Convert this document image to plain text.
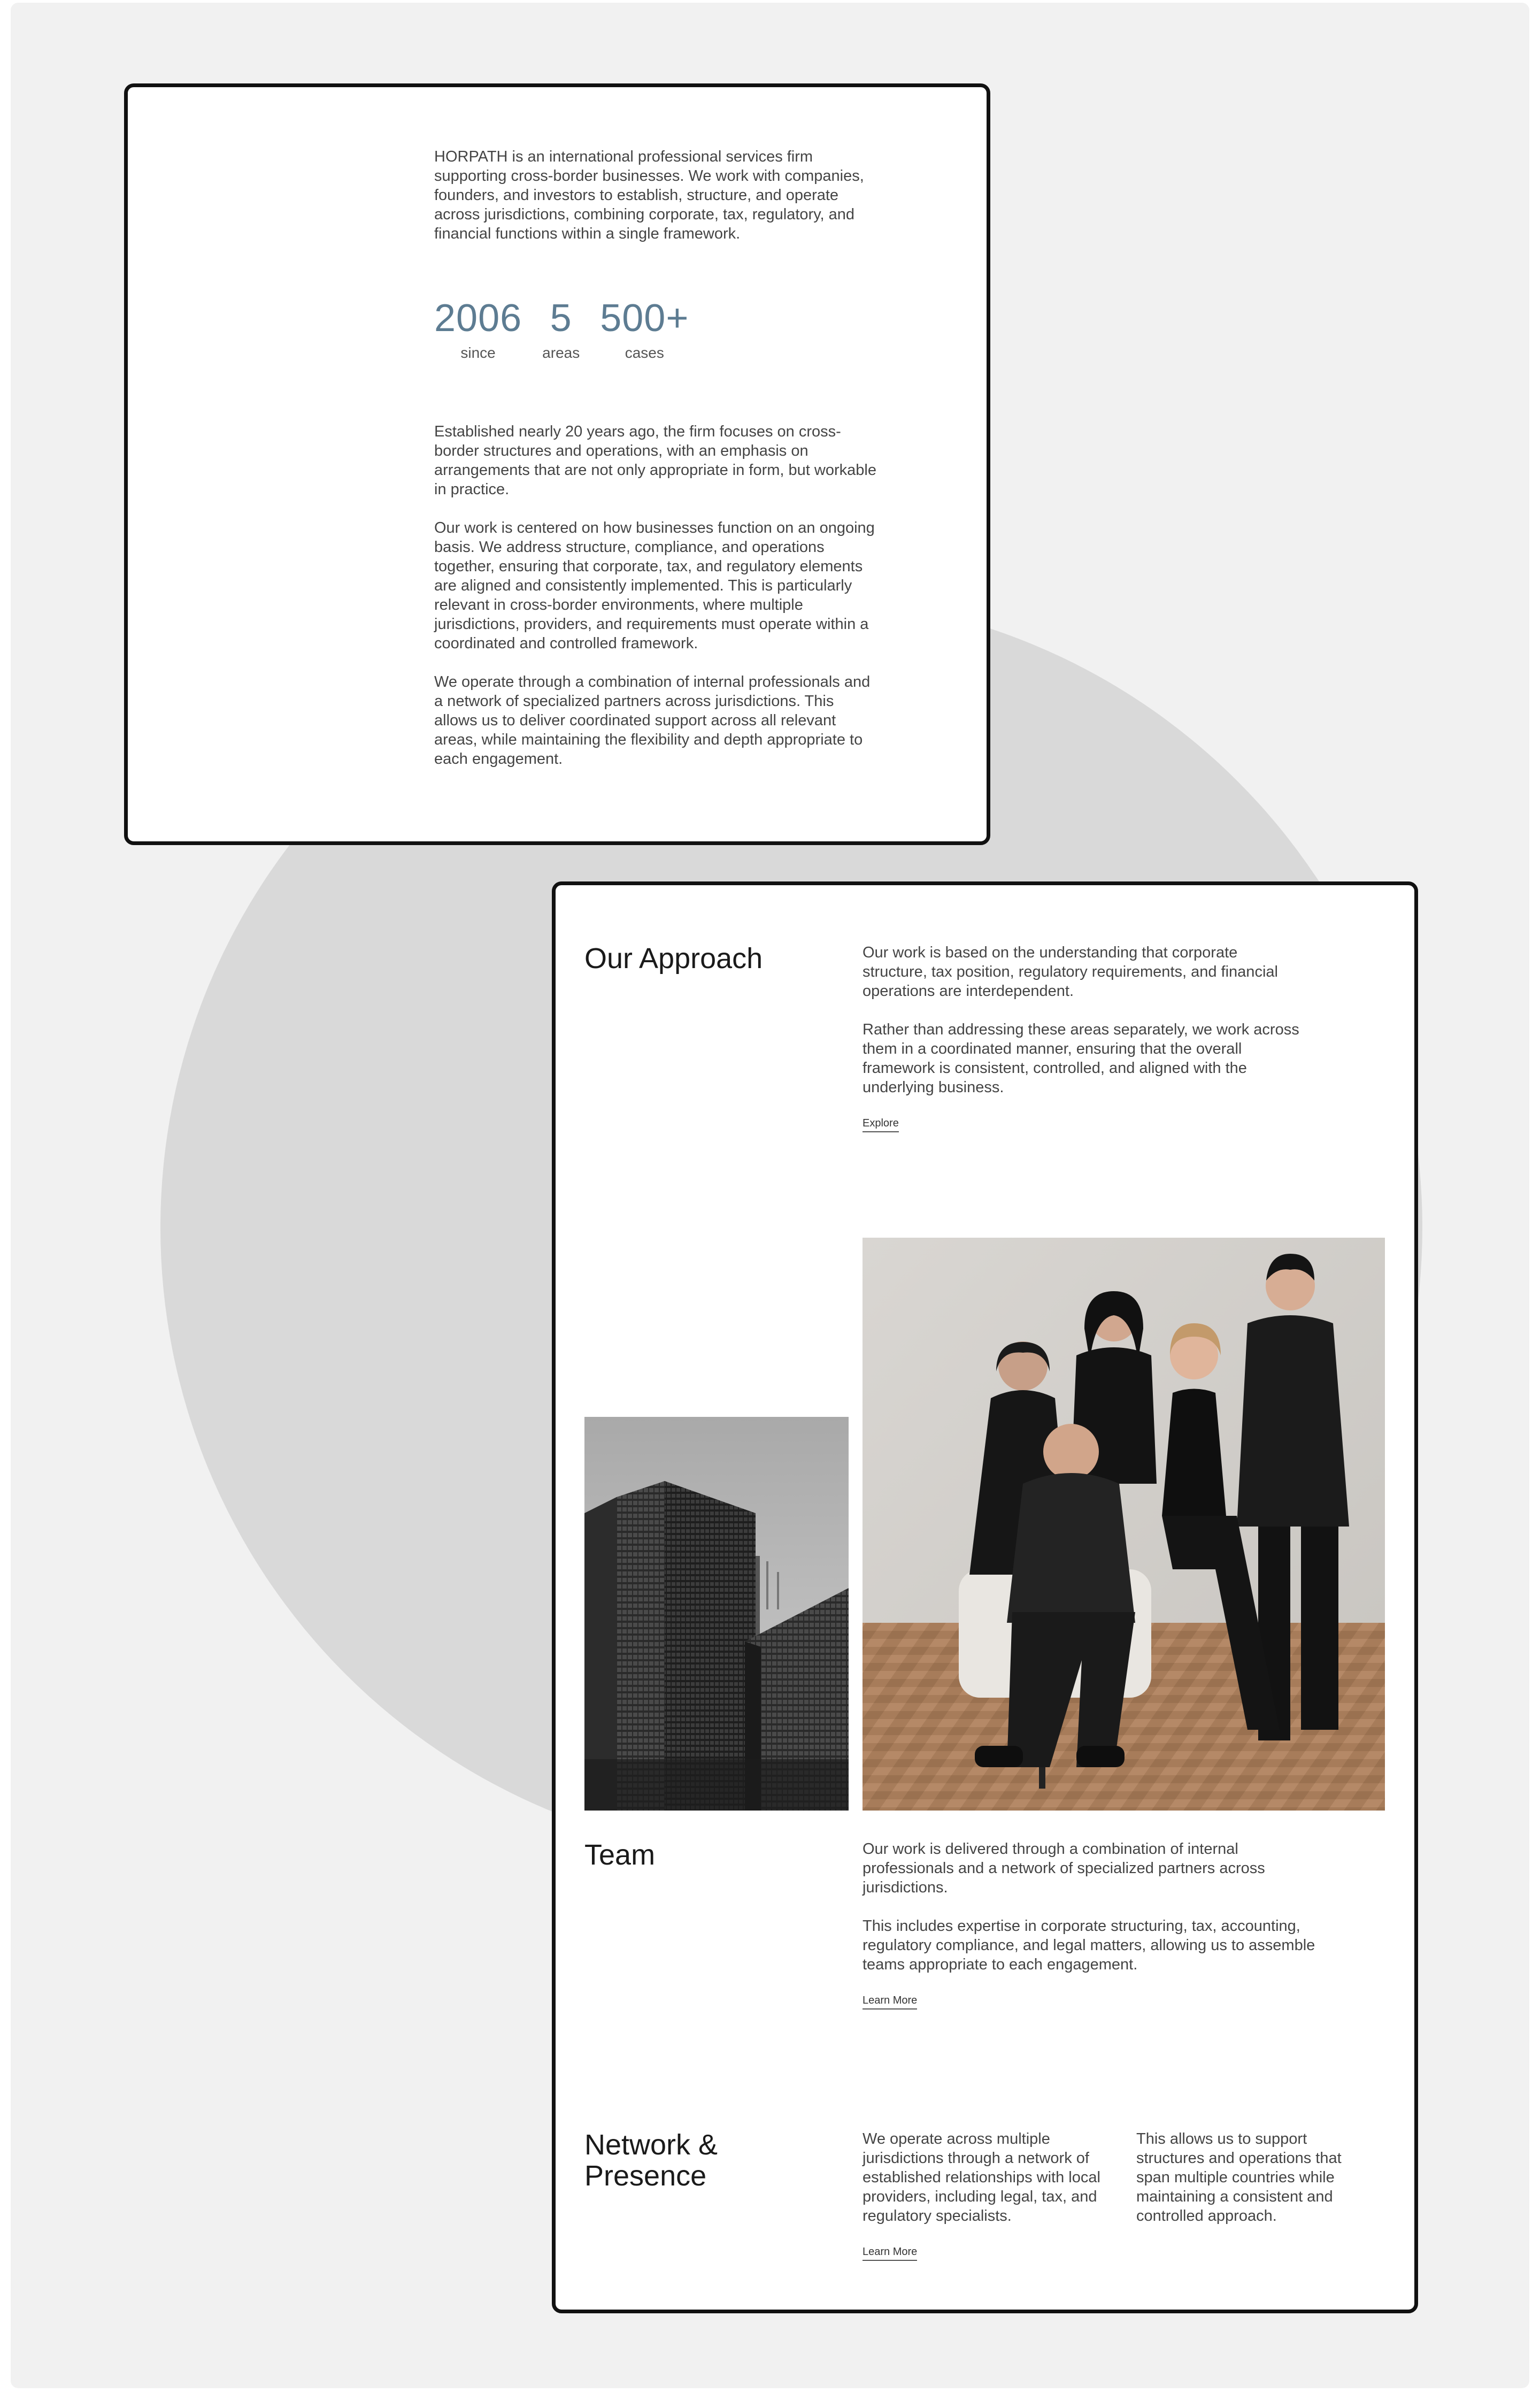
HORPATH is an international professional services firm supporting cross-border businesses. We work with companies, founders, and investors to establish, structure, and operate across jurisdictions, combining corporate, tax, regulatory, and financial functions within a single framework.

2006
since
5
areas
500+
cases

Established nearly 20 years ago, the firm focuses on cross-border structures and operations, with an emphasis on arrangements that are not only appropriate in form, but workable in practice.

Our work is centered on how businesses function on an ongoing basis. We address structure, compliance, and operations together, ensuring that corporate, tax, and regulatory elements are aligned and consistently implemented. This is particularly relevant in cross-border environments, where multiple jurisdictions, providers, and requirements must operate within a coordinated and controlled framework.

We operate through a combination of internal professionals and a network of specialized partners across jurisdictions. This allows us to deliver coordinated support across all relevant areas, while maintaining the flexibility and depth appropriate to each engagement.

Our Approach	Our work is based on the understanding that corporate structure, tax position, regulatory requirements, and financial operations are interdependent.

Rather than addressing these areas separately, we work across them in a coordinated manner, ensuring that the overall framework is consistent, controlled, and aligned with the underlying business.

Explore
Team	Our work is delivered through a combination of internal professionals and a network of specialized partners across jurisdictions.

This includes expertise in corporate structuring, tax, accounting, regulatory compliance, and legal matters, allowing us to assemble teams appropriate to each engagement.

Learn More
Network &
Presence

We operate across multiple jurisdictions through a network of established relationships with local providers, including legal, tax, and regulatory specialists.

Learn More

This allows us to support structures and operations that span multiple countries while maintaining a consistent and controlled approach.
